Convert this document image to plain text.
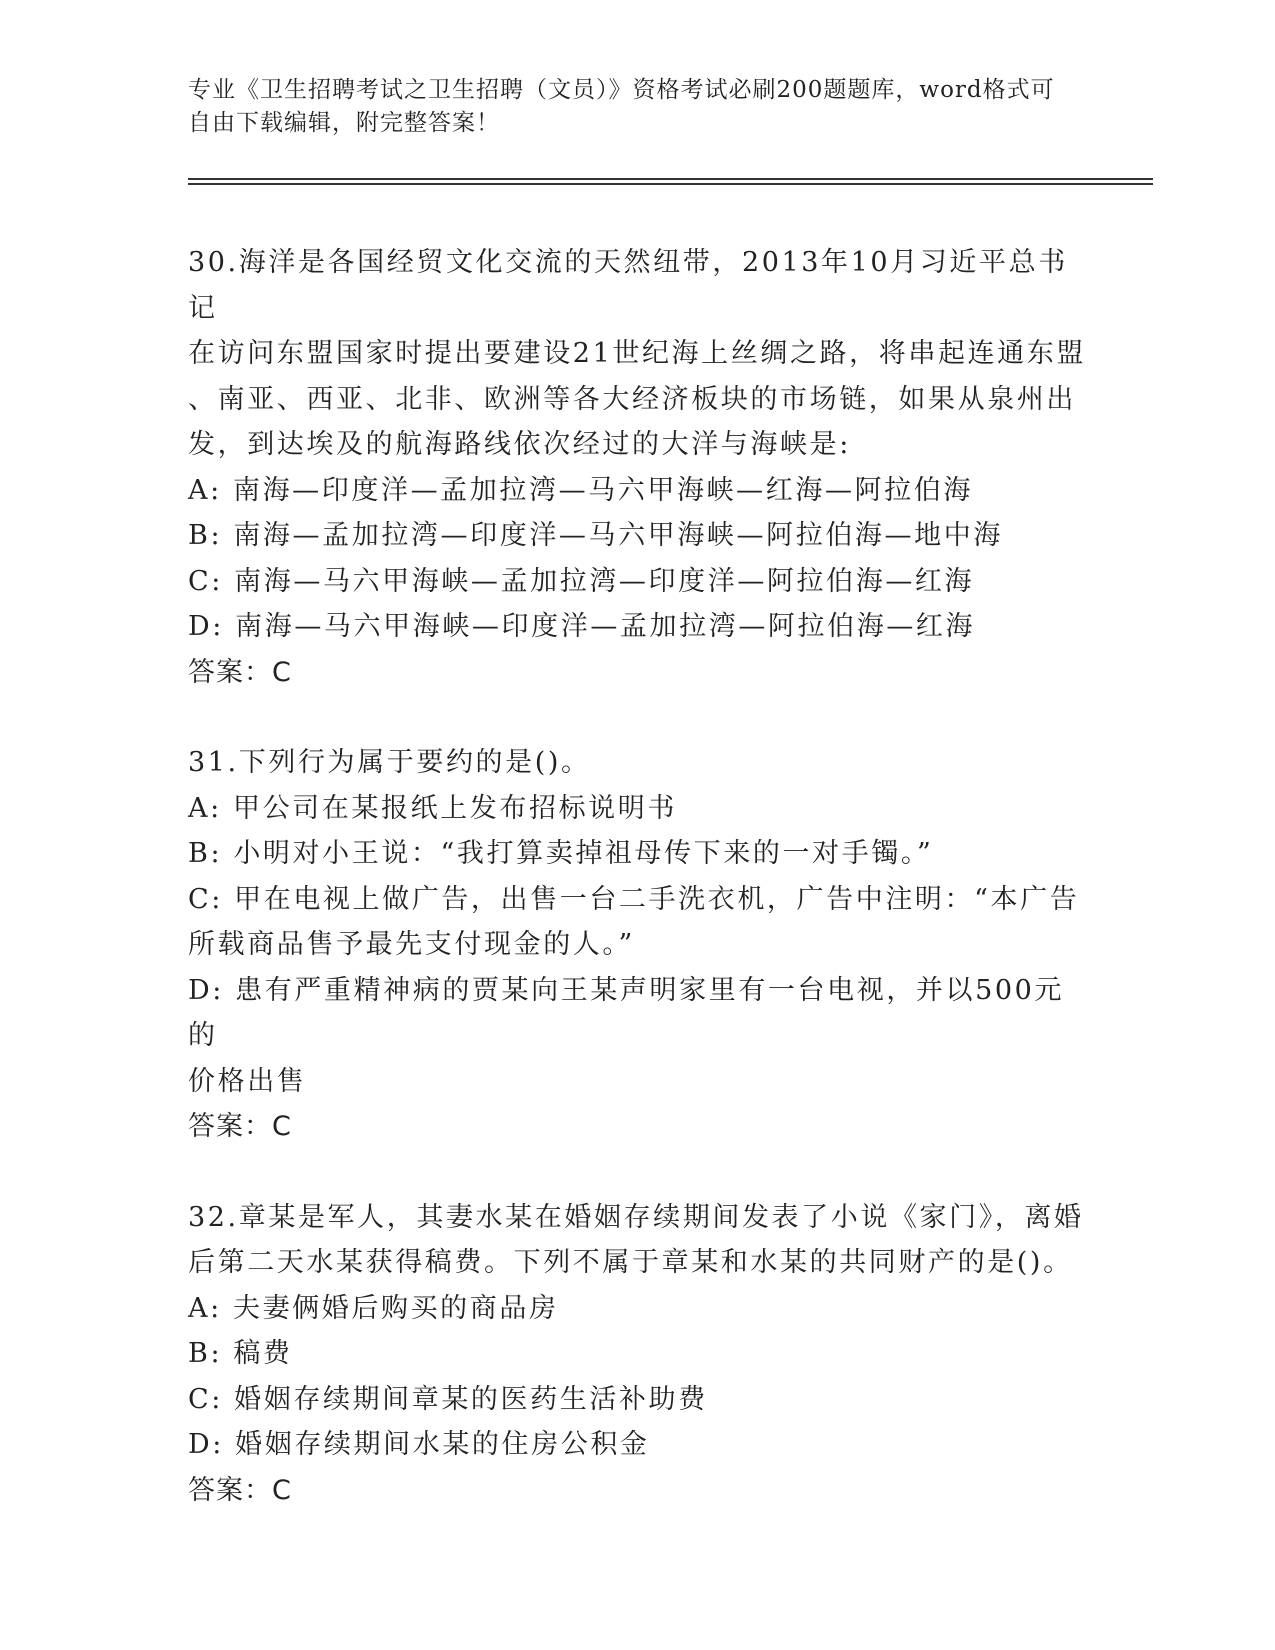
专业《卫生招聘考试之卫生招聘（文员）》资格考试必刷200题题库，word格式可自由下载编辑，附完整答案！
30.海洋是各国经贸文化交流的天然纽带，2013年10月习近平总书记
在访问东盟国家时提出要建设21世纪海上丝绸之路，将串起连通东盟
、南亚、西亚、北非、欧洲等各大经济板块的市场链，如果从泉州出
发，到达埃及的航海路线依次经过的大洋与海峡是:
A: 南海—印度洋—孟加拉湾—马六甲海峡—红海—阿拉伯海
B: 南海—孟加拉湾—印度洋—马六甲海峡—阿拉伯海—地中海
C: 南海—马六甲海峡—孟加拉湾—印度洋—阿拉伯海—红海
D: 南海—马六甲海峡—印度洋—孟加拉湾—阿拉伯海—红海
答案：C
31.下列行为属于要约的是()。
A: 甲公司在某报纸上发布招标说明书
B: 小明对小王说：“我打算卖掉祖母传下来的一对手镯。”
C: 甲在电视上做广告，出售一台二手洗衣机，广告中注明：“本广告
所载商品售予最先支付现金的人。”
D: 患有严重精神病的贾某向王某声明家里有一台电视，并以500元的
价格出售
答案：C
32.章某是军人，其妻水某在婚姻存续期间发表了小说《家门》，离婚
后第二天水某获得稿费。下列不属于章某和水某的共同财产的是()。
A: 夫妻俩婚后购买的商品房
B: 稿费
C: 婚姻存续期间章某的医药生活补助费
D: 婚姻存续期间水某的住房公积金
答案：C
